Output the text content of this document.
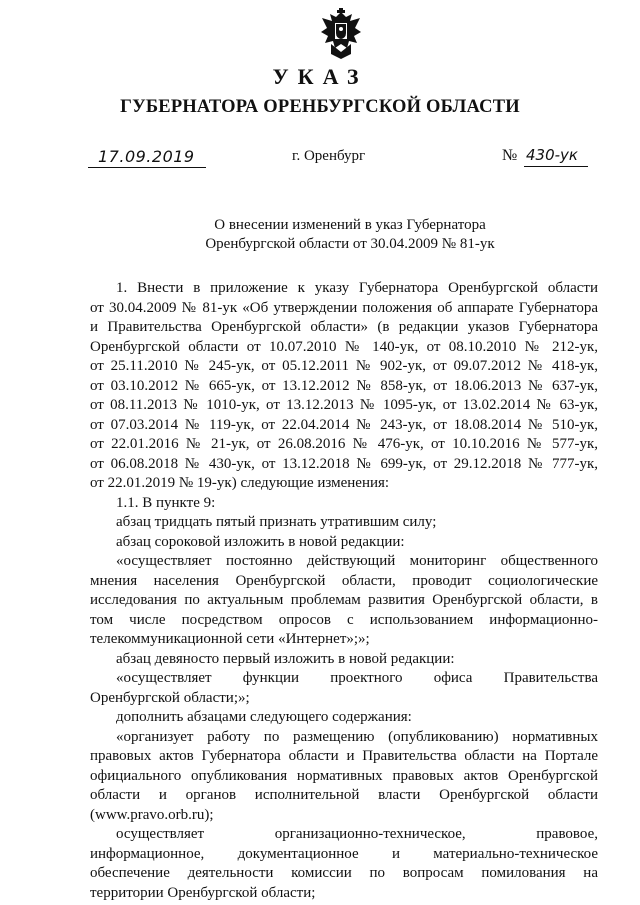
УКАЗ
ГУБЕРНАТОРА ОРЕНБУРГСКОЙ ОБЛАСТИ
17.09.2019	г. Оренбург	№ 430-ук
О внесении изменений в указ Губернатора
Оренбургской области от 30.04.2009 № 81-ук
1. Внести в приложение к указу Губернатора Оренбургской области
от 30.04.2009 № 81-ук «Об утверждении положения об аппарате Губернатора
и Правительства Оренбургской области» (в редакции указов Губернатора
Оренбургской области от 10.07.2010 № 140-ук, от 08.10.2010 № 212-ук,
от 25.11.2010 № 245-ук, от 05.12.2011 № 902-ук, от 09.07.2012 № 418-ук,
от 03.10.2012 № 665-ук, от 13.12.2012 № 858-ук, от 18.06.2013 № 637-ук,
от 08.11.2013 № 1010-ук, от 13.12.2013 № 1095-ук, от 13.02.2014 № 63-ук,
от 07.03.2014 № 119-ук, от 22.04.2014 № 243-ук, от 18.08.2014 № 510-ук,
от 22.01.2016 № 21-ук, от 26.08.2016 № 476-ук, от 10.10.2016 № 577-ук,
от 06.08.2018 № 430-ук, от 13.12.2018 № 699-ук, от 29.12.2018 № 777-ук,
от 22.01.2019 № 19-ук) следующие изменения:
1.1. В пункте 9:
абзац тридцать пятый признать утратившим силу;
абзац сороковой изложить в новой редакции:
«осуществляет постоянно действующий мониторинг общественного
мнения населения Оренбургской области, проводит социологические
исследования по актуальным проблемам развития Оренбургской области, в
том числе посредством опросов с использованием информационно-
телекоммуникационной сети «Интернет»;»;
абзац девяносто первый изложить в новой редакции:
«осуществляет функции проектного офиса Правительства
Оренбургской области;»;
дополнить абзацами следующего содержания:
«организует работу по размещению (опубликованию) нормативных
правовых актов Губернатора области и Правительства области на Портале
официального опубликования нормативных правовых актов Оренбургской
области и органов исполнительной власти Оренбургской области
(www.pravo.orb.ru);
осуществляет организационно-техническое, правовое,
информационное, документационное и материально-техническое
обеспечение деятельности комиссии по вопросам помилования на
территории Оренбургской области;
